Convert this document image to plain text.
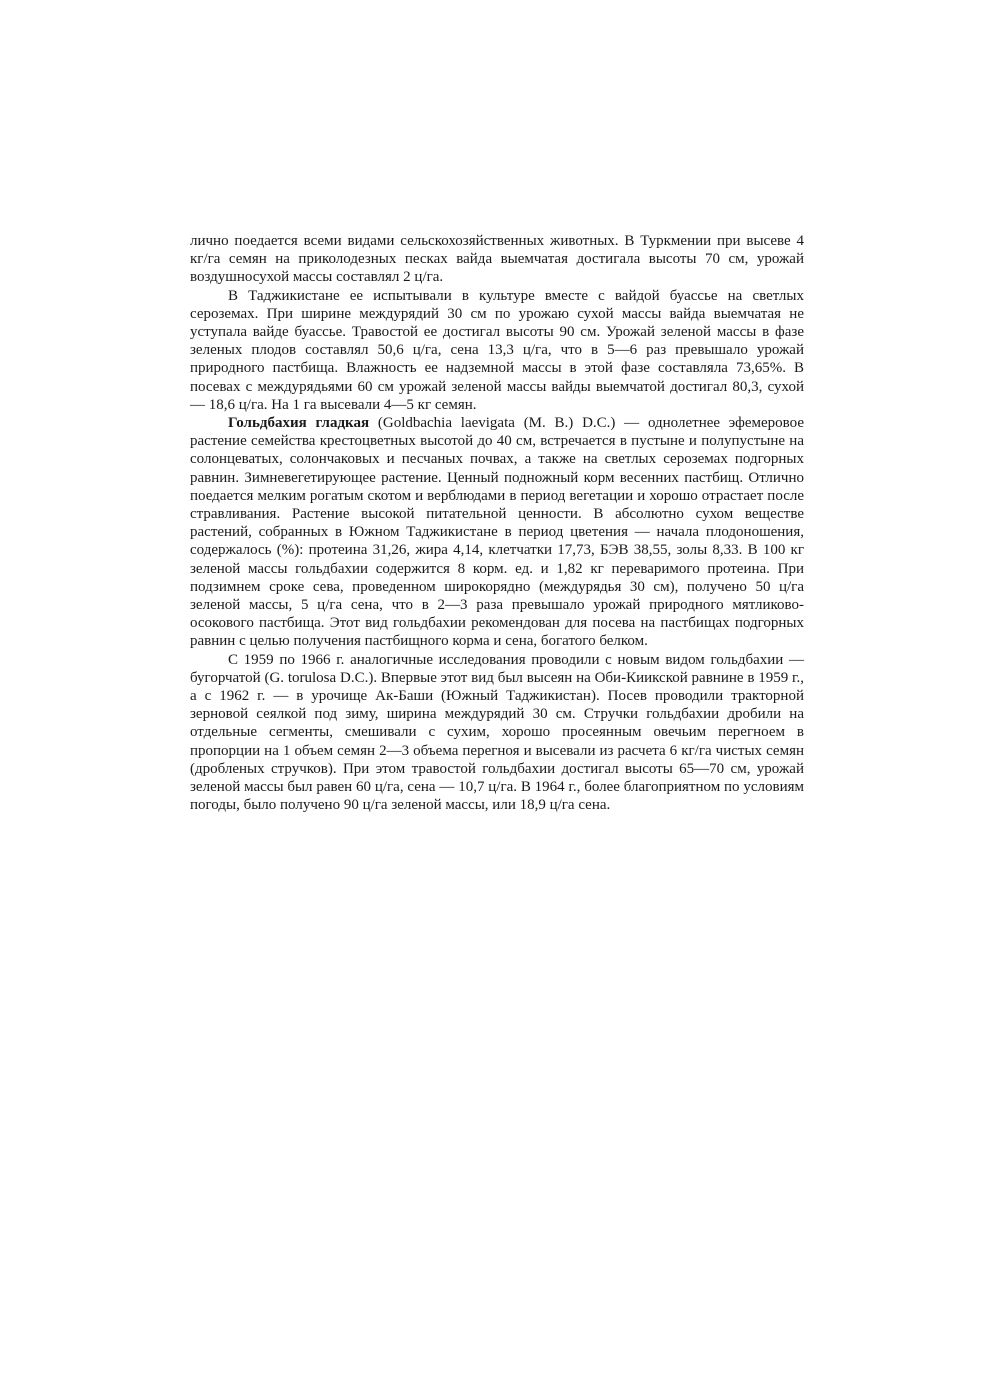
лично поедается всеми видами сельскохозяйственных животных. В Туркмении при высеве 4 кг/га семян на приколодезных песках вайда выемчатая достигала высоты 70 см, урожай воздушносухой массы составлял 2 ц/га.

В Таджикистане ее испытывали в культуре вместе с вайдой буассье на светлых сероземах. При ширине междурядий 30 см по урожаю сухой массы вайда выемчатая не уступала вайде буассье. Травостой ее достигал высоты 90 см. Урожай зеленой массы в фазе зеленых плодов составлял 50,6 ц/га, сена 13,3 ц/га, что в 5—6 раз превышало урожай природного пастбища. Влажность ее надземной массы в этой фазе составляла 73,65%. В посевах с междурядьями 60 см урожай зеленой массы вайды выемчатой достигал 80,3, сухой — 18,6 ц/га. На 1 га высевали 4—5 кг семян.

Гольдбахия гладкая (Goldbachia laevigata (M. B.) D.C.) — однолетнее эфемеровое растение семейства крестоцветных высотой до 40 см, встречается в пустыне и полупустыне на солонцеватых, солончаковых и песчаных почвах, а также на светлых сероземах подгорных равнин. Зимневегетирующее растение. Ценный подножный корм весенних пастбищ. Отлично поедается мелким рогатым скотом и верблюдами в период вегетации и хорошо отрастает после стравливания. Растение высокой питательной ценности. В абсолютно сухом веществе растений, собранных в Южном Таджикистане в период цветения — начала плодоношения, содержалось (%): протеина 31,26, жира 4,14, клетчатки 17,73, БЭВ 38,55, золы 8,33. В 100 кг зеленой массы гольдбахии содержится 8 корм. ед. и 1,82 кг переваримого протеина. При подзимнем сроке сева, проведенном широкорядно (междурядья 30 см), получено 50 ц/га зеленой массы, 5 ц/га сена, что в 2—3 раза превышало урожай природного мятликово-осокового пастбища. Этот вид гольдбахии рекомендован для посева на пастбищах подгорных равнин с целью получения пастбищного корма и сена, богатого белком.

С 1959 по 1966 г. аналогичные исследования проводили с новым видом гольдбахии — бугорчатой (G. torulosa D.C.). Впервые этот вид был высеян на Оби-Киикской равнине в 1959 г., а с 1962 г. — в урочище Ак-Баши (Южный Таджикистан). Посев проводили тракторной зерновой сеялкой под зиму, ширина междурядий 30 см. Стручки гольдбахии дробили на отдельные сегменты, смешивали с сухим, хорошо просеянным овечьим перегноем в пропорции на 1 объем семян 2—3 объема перегноя и высевали из расчета 6 кг/га чистых семян (дробленых стручков). При этом травостой гольдбахии достигал высоты 65—70 см, урожай зеленой массы был равен 60 ц/га, сена — 10,7 ц/га. В 1964 г., более благоприятном по условиям погоды, было получено 90 ц/га зеленой массы, или 18,9 ц/га сена.
